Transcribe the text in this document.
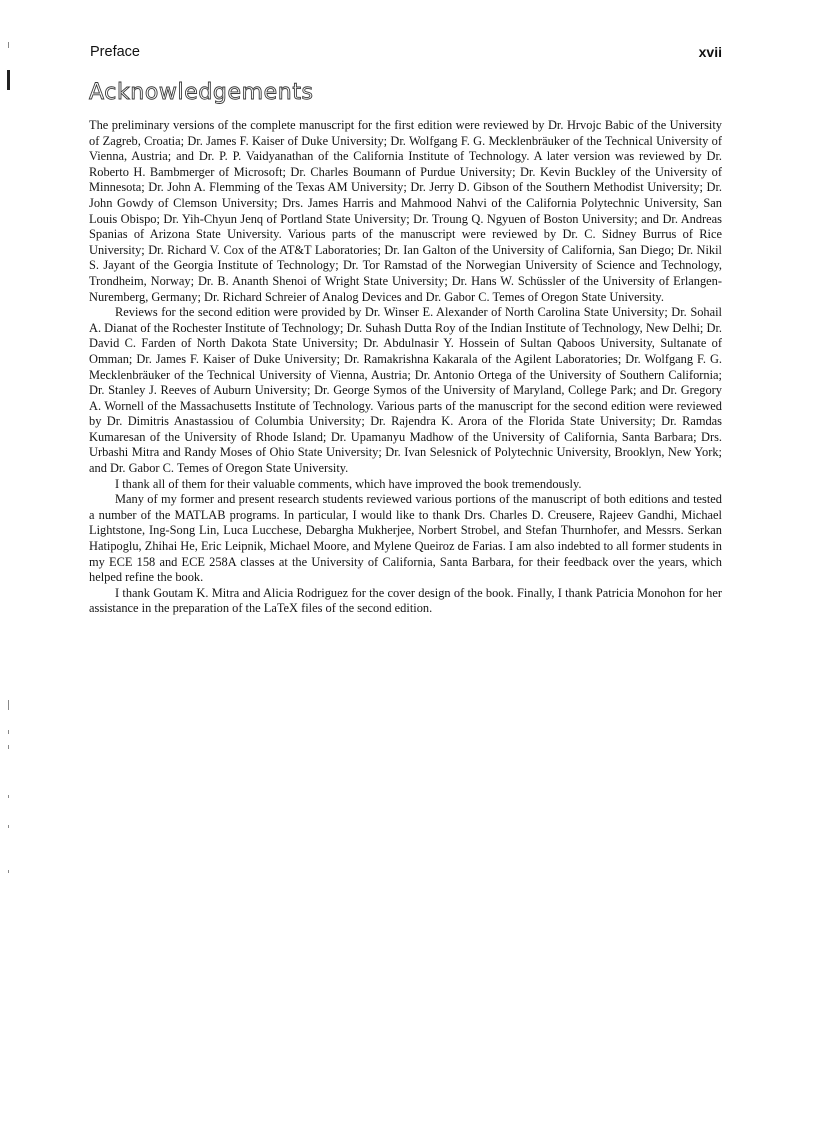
Preface	xvii
Acknowledgements

The preliminary versions of the complete manuscript for the first edition were reviewed by Dr. Hrvojc Babic of the University of Zagreb, Croatia; Dr. James F. Kaiser of Duke University; Dr. Wolfgang F. G. Mecklenbräuker of the Technical University of Vienna, Austria; and Dr. P. P. Vaidyanathan of the California Institute of Technology. A later version was reviewed by Dr. Roberto H. Bambmerger of Microsoft; Dr. Charles Boumann of Purdue University; Dr. Kevin Buckley of the University of Minnesota; Dr. John A. Flemming of the Texas AM University; Dr. Jerry D. Gibson of the Southern Methodist University; Dr. John Gowdy of Clemson University; Drs. James Harris and Mahmood Nahvi of the California Polytechnic University, San Louis Obispo; Dr. Yih-Chyun Jenq of Portland State University; Dr. Troung Q. Ngyuen of Boston University; and Dr. Andreas Spanias of Arizona State University. Various parts of the manuscript were reviewed by Dr. C. Sidney Burrus of Rice University; Dr. Richard V. Cox of the AT&T Laboratories; Dr. Ian Galton of the University of California, San Diego; Dr. Nikil S. Jayant of the Georgia Institute of Technology; Dr. Tor Ramstad of the Norwegian University of Science and Technology, Trondheim, Norway; Dr. B. Ananth Shenoi of Wright State University; Dr. Hans W. Schüssler of the University of Erlangen-Nuremberg, Germany; Dr. Richard Schreier of Analog Devices and Dr. Gabor C. Temes of Oregon State University.

Reviews for the second edition were provided by Dr. Winser E. Alexander of North Carolina State University; Dr. Sohail A. Dianat of the Rochester Institute of Technology; Dr. Suhash Dutta Roy of the Indian Institute of Technology, New Delhi; Dr. David C. Farden of North Dakota State University; Dr. Abdulnasir Y. Hossein of Sultan Qaboos University, Sultanate of Omman; Dr. James F. Kaiser of Duke University; Dr. Ramakrishna Kakarala of the Agilent Laboratories; Dr. Wolfgang F. G. Mecklenbräuker of the Technical University of Vienna, Austria; Dr. Antonio Ortega of the University of Southern California; Dr. Stanley J. Reeves of Auburn University; Dr. George Symos of the University of Maryland, College Park; and Dr. Gregory A. Wornell of the Massachusetts Institute of Technology. Various parts of the manuscript for the second edition were reviewed by Dr. Dimitris Anastassiou of Columbia University; Dr. Rajendra K. Arora of the Florida State University; Dr. Ramdas Kumaresan of the University of Rhode Island; Dr. Upamanyu Madhow of the University of California, Santa Barbara; Drs. Urbashi Mitra and Randy Moses of Ohio State University; Dr. Ivan Selesnick of Polytechnic University, Brooklyn, New York; and Dr. Gabor C. Temes of Oregon State University.

I thank all of them for their valuable comments, which have improved the book tremendously.

Many of my former and present research students reviewed various portions of the manuscript of both editions and tested a number of the MATLAB programs. In particular, I would like to thank Drs. Charles D. Creusere, Rajeev Gandhi, Michael Lightstone, Ing-Song Lin, Luca Lucchese, Debargha Mukherjee, Norbert Strobel, and Stefan Thurnhofer, and Messrs. Serkan Hatipoglu, Zhihai He, Eric Leipnik, Michael Moore, and Mylene Queiroz de Farias. I am also indebted to all former students in my ECE 158 and ECE 258A classes at the University of California, Santa Barbara, for their feedback over the years, which helped refine the book.

I thank Goutam K. Mitra and Alicia Rodriguez for the cover design of the book. Finally, I thank Patricia Monohon for her assistance in the preparation of the LaTeX files of the second edition.
